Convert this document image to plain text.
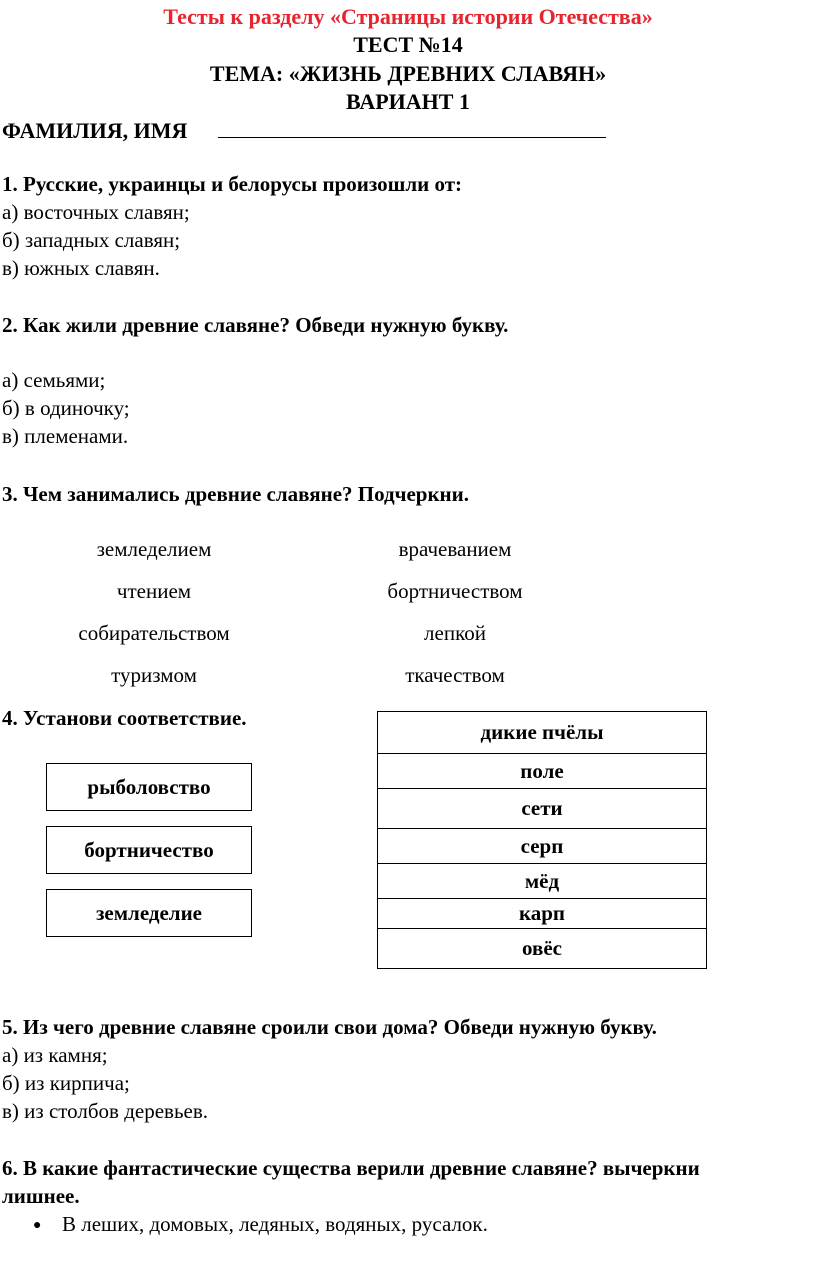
Тесты к разделу «Страницы истории Отечества»
ТЕСТ №14
ТЕМА: «ЖИЗНЬ ДРЕВНИХ СЛАВЯН»
ВАРИАНТ 1
ФАМИЛИЯ, ИМЯ
1. Русские, украинцы и белорусы произошли от:
а) восточных славян;
б) западных славян;
в) южных славян.
2. Как жили древние славяне? Обведи нужную букву.
а) семьями;
б) в одиночку;
в) племенами.
3. Чем занимались древние славяне? Подчеркни.
земледелием
чтением
собирательством
туризмом
врачеванием
бортничеством
лепкой
ткачеством
4. Установи соответствие.
рыболовство
бортничество
земледелие
дикие пчёлы
поле
сети
серп
мёд
карп
овёс
5. Из чего древние славяне сроили свои дома? Обведи нужную букву.
а) из камня;
б) из кирпича;
в) из столбов деревьев.
6. В какие фантастические существа верили древние славяне? вычеркни
лишнее.
● В леших, домовых, ледяных, водяных, русалок.
